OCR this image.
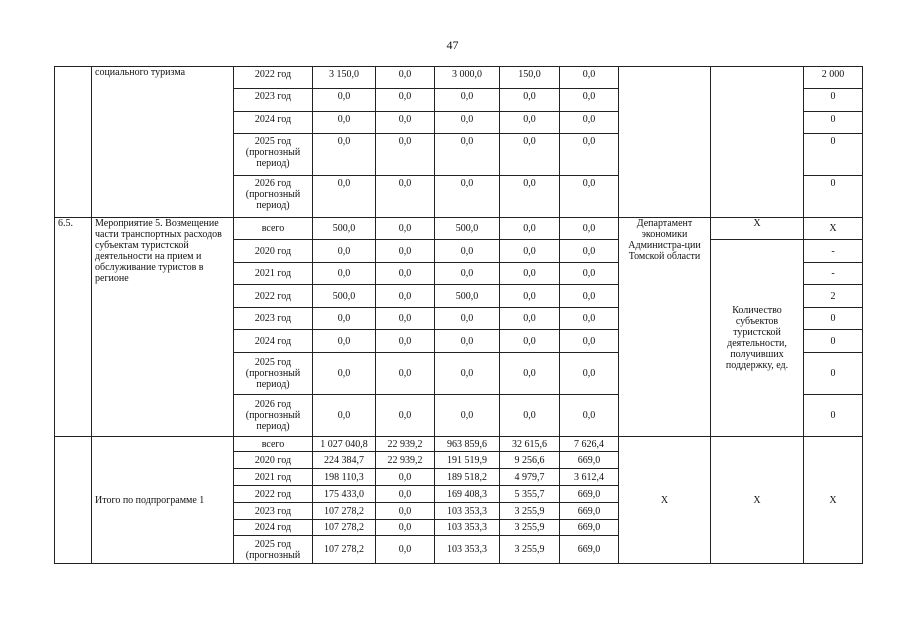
47
	социального туризма	2022 год	3 150,0	0,0	3 000,0	150,0	0,0			2 000	
		2023 год	0,0	0,0	0,0	0,0	0,0			0	
		2024 год	0,0	0,0	0,0	0,0	0,0			0	
		2025 год (прогнозный период)	0,0	0,0	0,0	0,0	0,0			0	
		2026 год (прогнозный период)	0,0	0,0	0,0	0,0	0,0			0	
6.5.	Мероприятие 5. Возмещение части транспортных расходов субъектам туристской деятельности на прием и обслуживание туристов в регионе	всего	500,0	0,0	500,0	0,0	0,0	Департамент экономики Администра-ции Томской области	X	X	
		2020 год	0,0	0,0	0,0	0,0	0,0		Количество субъектов туристской деятельности, получивших поддержку, ед.	-	
		2021 год	0,0	0,0	0,0	0,0	0,0			-	
		2022 год	500,0	0,0	500,0	0,0	0,0			2	
		2023 год	0,0	0,0	0,0	0,0	0,0			0	
		2024 год	0,0	0,0	0,0	0,0	0,0			0	
		2025 год (прогнозный период)	0,0	0,0	0,0	0,0	0,0			0	
		2026 год (прогнозный период)	0,0	0,0	0,0	0,0	0,0			0	
	Итого по подпрограмме 1	всего	1 027 040,8	22 939,2	963 859,6	32 615,6	7 626,4	X	X	X	
		2020 год	224 384,7	22 939,2	191 519,9	9 256,6	669,0				
		2021 год	198 110,3	0,0	189 518,2	4 979,7	3 612,4				
		2022 год	175 433,0	0,0	169 408,3	5 355,7	669,0				
		2023 год	107 278,2	0,0	103 353,3	3 255,9	669,0				
		2024 год	107 278,2	0,0	103 353,3	3 255,9	669,0				
		2025 год (прогнозный	107 278,2	0,0	103 353,3	3 255,9	669,0				
